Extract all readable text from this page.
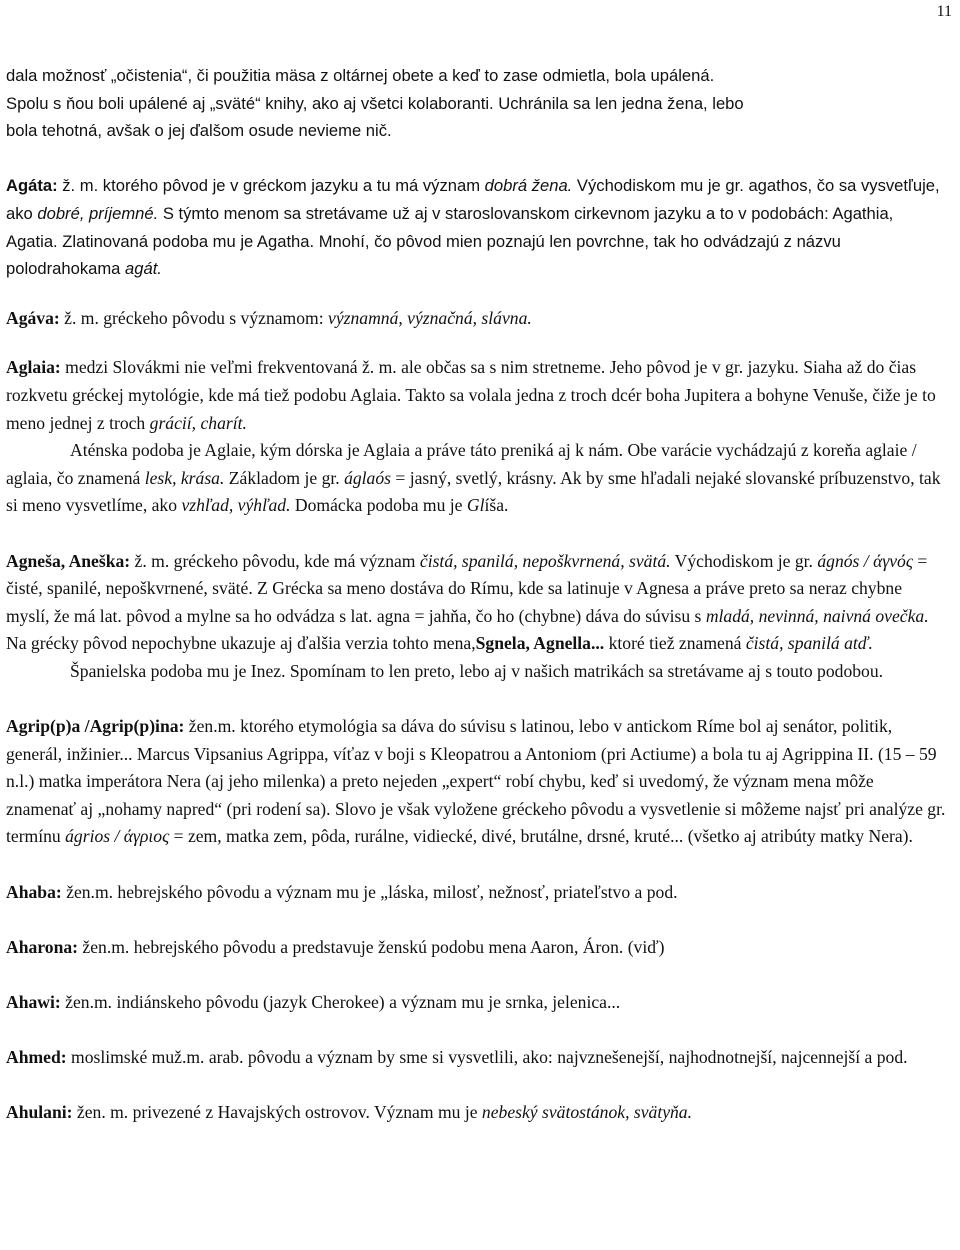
11

dala možnosť „očistenia“, či použitia mäsa z oltárnej obete a keď to zase odmietla, bola upálená.
Spolu s ňou boli upálené aj „sväté“ knihy, ako aj všetci kolaboranti. Uchránila sa len jedna žena, lebo
bola tehotná, avšak o jej ďalšom osude nevieme nič.

Agáta: ž. m. ktorého pôvod je v gréckom jazyku a tu má význam dobrá žena. Východiskom mu je gr. agathos, čo sa vysvetľuje, ako dobré, príjemné. S týmto menom sa stretávame už aj v staroslovanskom cirkevnom jazyku a to v podobách: Agathia, Agatia. Zlatinovaná podoba mu je Agatha. Mnohí, čo pôvod mien poznajú len povrchne, tak ho odvádzajú z názvu polodrahokama agát.

Agáva: ž. m. gréckeho pôvodu s významom: významná, význačná, slávna.

Aglaia: medzi Slovákmi nie veľmi frekventovaná ž. m. ale občas sa s nim stretneme. Jeho pôvod je v gr. jazyku. Siaha až do čias rozkvetu gréckej mytológie, kde má tiež podobu Aglaia. Takto sa volala jedna z troch dcér boha Jupitera a bohyne Venuše, čiže je to meno jednej z troch grácií, charít.

Aténska podoba je Aglaie, kým dórska je Aglaia a práve táto preniká aj k nám. Obe varácie vychádzajú z koreňa aglaie / aglaia, čo znamená lesk, krása. Základom je gr. áglaós = jasný, svetlý, krásny. Ak by sme hľadali nejaké slovanské príbuzenstvo, tak si meno vysvetlíme, ako vzhľad, výhľad. Domácka podoba mu je Glíša.

Agneša, Aneška: ž. m. gréckeho pôvodu, kde má význam čistá, spanilá, nepoškvrnená, svätá. Východiskom je gr. ágnós / άγνός = čisté, spanilé, nepoškvrnené, sväté. Z Grécka sa meno dostáva do Rímu, kde sa latinuje v Agnesa a práve preto sa neraz chybne myslí, že má lat. pôvod a mylne sa ho odvádza s lat. agna = jahňa, čo ho (chybne) dáva do súvisu s mladá, nevinná, naivná ovečka. Na grécky pôvod nepochybne ukazuje aj ďalšia verzia tohto mena,Sgnela, Agnella... ktoré tiež znamená čistá, spanilá atď.

Španielska podoba mu je Inez. Spomínam to len preto, lebo aj v našich matrikách sa stretávame aj s touto podobou.

Agrip(p)a /Agrip(p)ina: žen.m. ktorého etymológia sa dáva do súvisu s latinou, lebo v antickom Ríme bol aj senátor, politik, generál, inžinier... Marcus Vipsanius Agrippa, víťaz v boji s Kleopatrou a Antoniom (pri Actiume) a bola tu aj Agrippina II. (15 – 59 n.l.) matka imperátora Nera (aj jeho milenka) a preto nejeden „expert“ robí chybu, keď si uvedomý, že význam mena môže znamenať aj „nohamy napred“ (pri rodení sa). Slovo je však vyložene gréckeho pôvodu a vysvetlenie si môžeme najsť pri analýze gr. termínu ágrios / άγριος = zem, matka zem, pôda, rurálne, vidiecké, divé, brutálne, drsné, kruté... (všetko aj atribúty matky Nera).

Ahaba: žen.m. hebrejského pôvodu a význam mu je „láska, milosť, nežnosť, priateľstvo a pod.

Aharona: žen.m. hebrejského pôvodu a predstavuje ženskú podobu mena Aaron, Áron. (viď)

Ahawi: žen.m. indiánskeho pôvodu (jazyk Cherokee) a význam mu je srnka, jelenica...

Ahmed: moslimské muž.m. arab. pôvodu a význam by sme si vysvetlili, ako: najvznešenejší, najhodnotnejší, najcennejší a pod.

Ahulani: žen. m. privezené z Havajských ostrovov. Význam mu je nebeský svätostánok, svätyňa.
